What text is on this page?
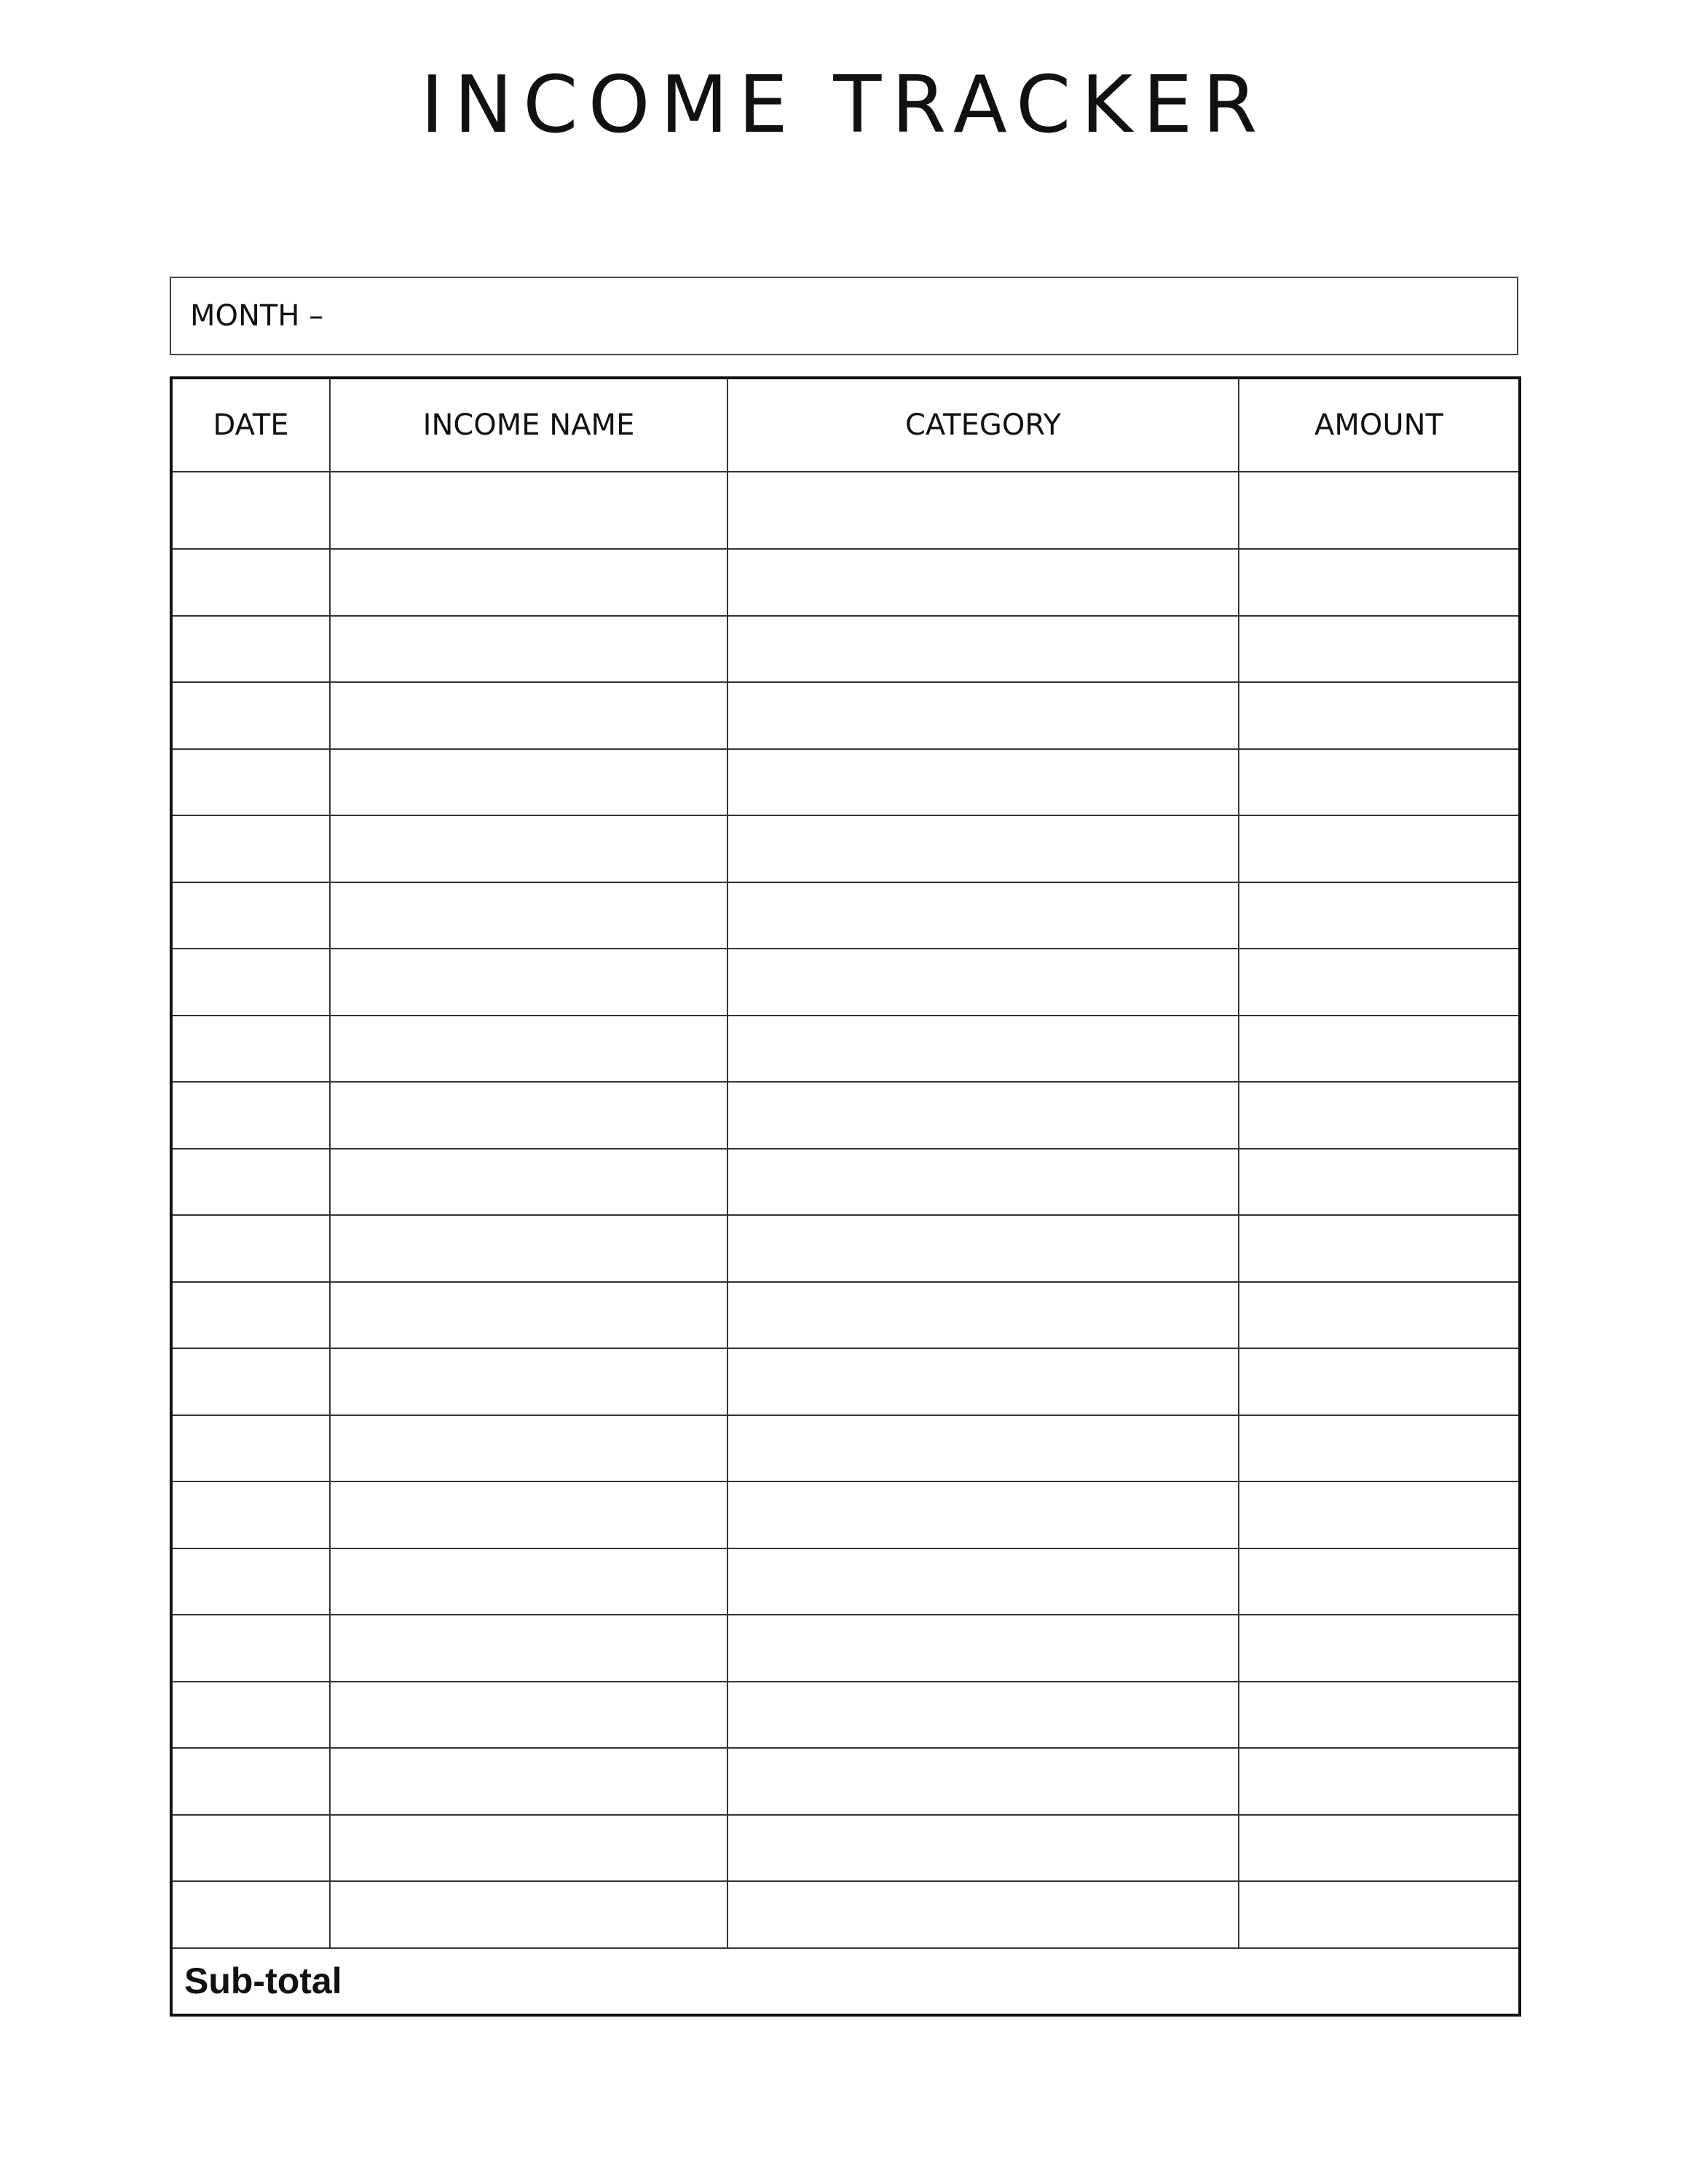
INCOME TRACKER
MONTH –
DATE	INCOME NAME	CATEGORY	AMOUNT

Sub-total			
